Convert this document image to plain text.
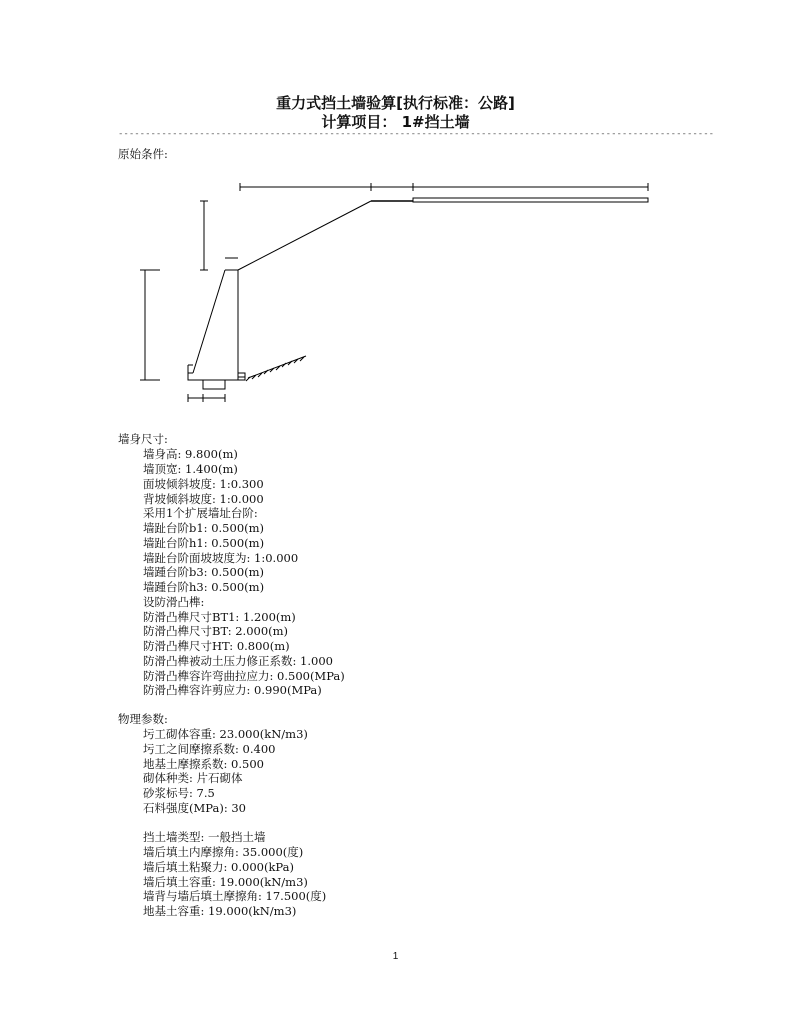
重力式挡土墙验算[执行标准：公路]
计算项目： 1#挡土墙
--------------------------------------------------------------------------------------------------------------
原始条件:
墙身尺寸:
墙身高: 9.800(m)
墙顶宽: 1.400(m)
面坡倾斜坡度: 1:0.300
背坡倾斜坡度: 1:0.000
采用1个扩展墙址台阶:
墙趾台阶b1: 0.500(m)
墙趾台阶h1: 0.500(m)
墙趾台阶面坡坡度为: 1:0.000
墙踵台阶b3: 0.500(m)
墙踵台阶h3: 0.500(m)
设防滑凸榫:
防滑凸榫尺寸BT1: 1.200(m)
防滑凸榫尺寸BT: 2.000(m)
防滑凸榫尺寸HT: 0.800(m)
防滑凸榫被动土压力修正系数: 1.000
防滑凸榫容许弯曲拉应力: 0.500(MPa)
防滑凸榫容许剪应力: 0.990(MPa)
物理参数:
圬工砌体容重: 23.000(kN/m3)
圬工之间摩擦系数: 0.400
地基土摩擦系数: 0.500
砌体种类: 片石砌体
砂浆标号: 7.5
石料强度(MPa): 30
挡土墙类型: 一般挡土墙
墙后填土内摩擦角: 35.000(度)
墙后填土粘聚力: 0.000(kPa)
墙后填土容重: 19.000(kN/m3)
墙背与墙后填土摩擦角: 17.500(度)
地基土容重: 19.000(kN/m3)
1
